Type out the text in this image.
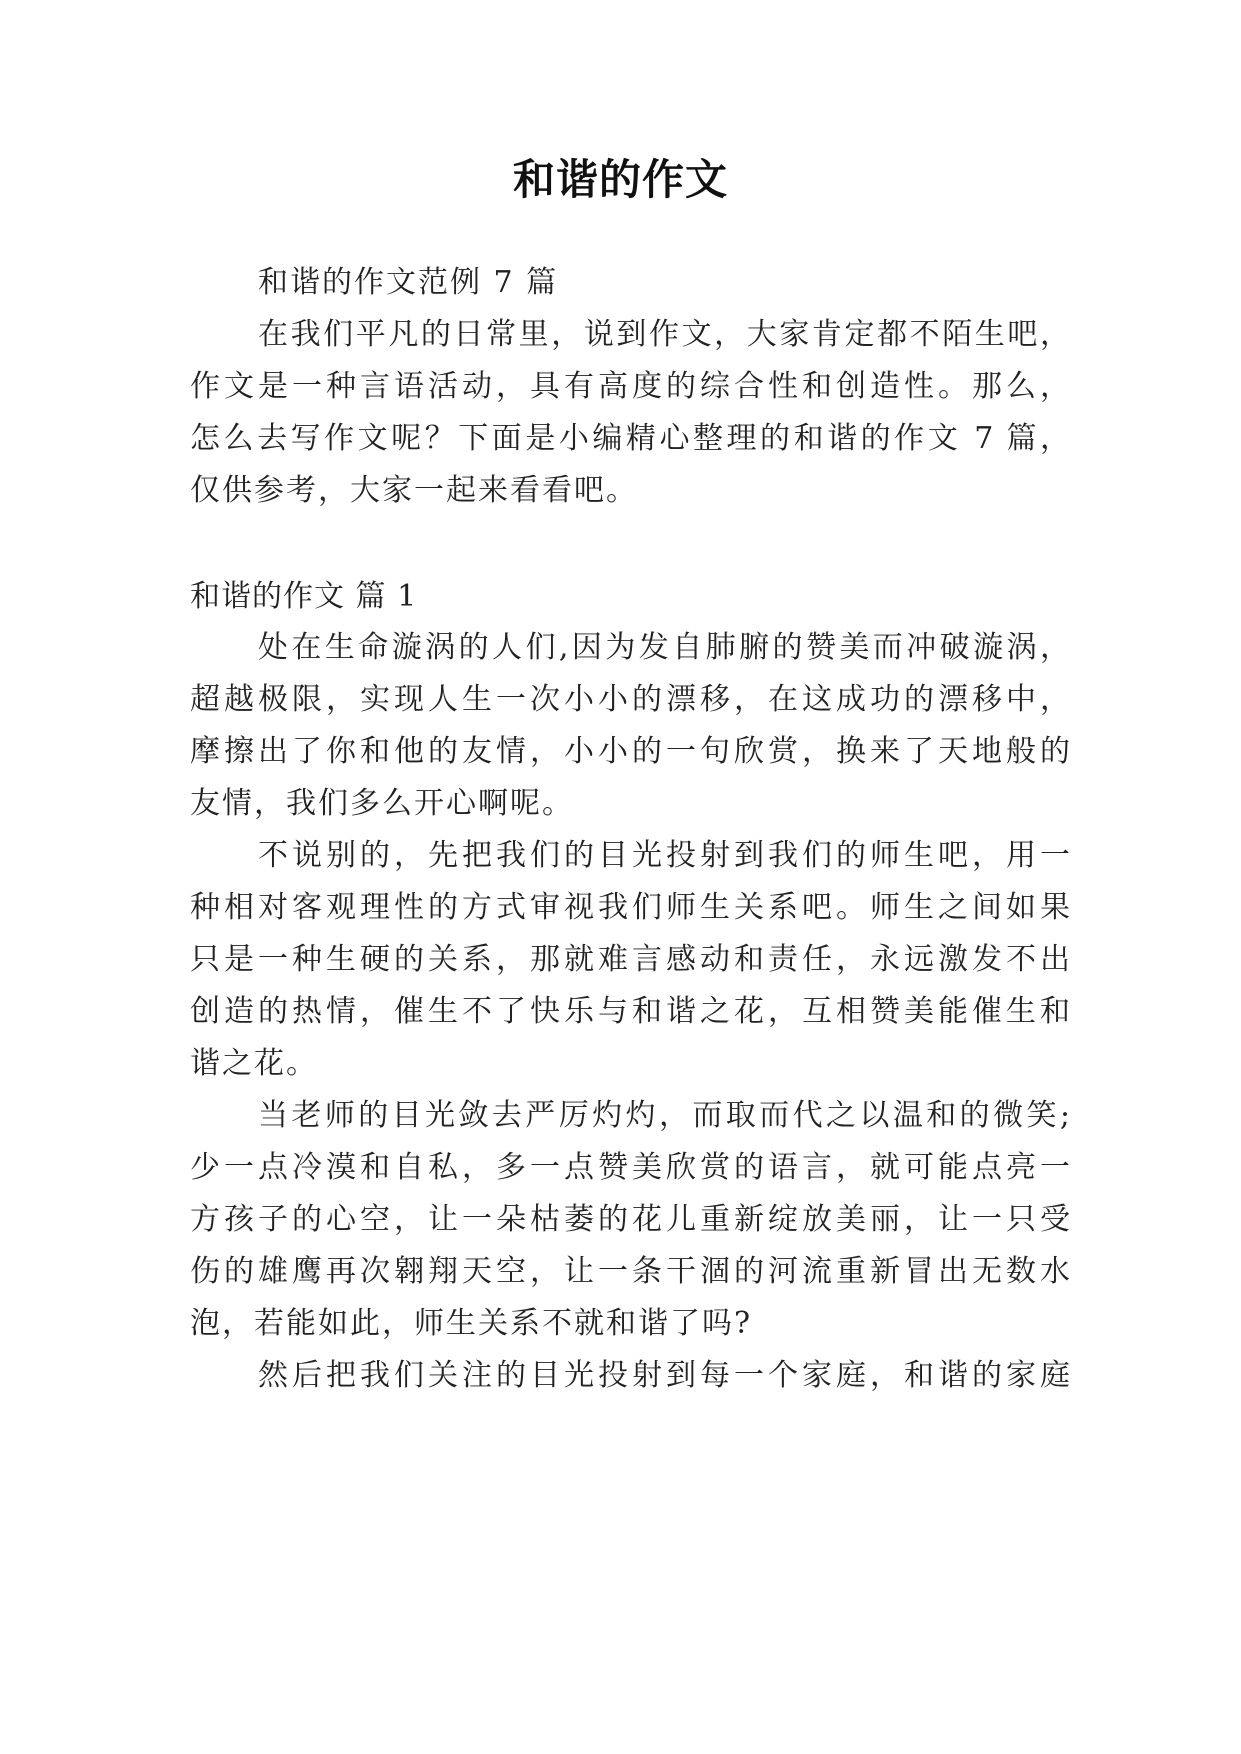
和谐的作文
和谐的作文范例 7 篇
在我们平凡的日常里，说到作文，大家肯定都不陌生吧，
作文是一种言语活动，具有高度的综合性和创造性。那么，
怎么去写作文呢？下面是小编精心整理的和谐的作文 7 篇，
仅供参考，大家一起来看看吧。
和谐的作文 篇 1
处在生命漩涡的人们,因为发自肺腑的赞美而冲破漩涡，
超越极限，实现人生一次小小的漂移，在这成功的漂移中，
摩擦出了你和他的友情，小小的一句欣赏，换来了天地般的
友情，我们多么开心啊呢。
不说别的，先把我们的目光投射到我们的师生吧，用一
种相对客观理性的方式审视我们师生关系吧。师生之间如果
只是一种生硬的关系，那就难言感动和责任，永远激发不出
创造的热情，催生不了快乐与和谐之花，互相赞美能催生和
谐之花。
当老师的目光敛去严厉灼灼，而取而代之以温和的微笑;
少一点冷漠和自私，多一点赞美欣赏的语言，就可能点亮一
方孩子的心空，让一朵枯萎的花儿重新绽放美丽，让一只受
伤的雄鹰再次翱翔天空，让一条干涸的河流重新冒出无数水
泡，若能如此，师生关系不就和谐了吗?
然后把我们关注的目光投射到每一个家庭，和谐的家庭
